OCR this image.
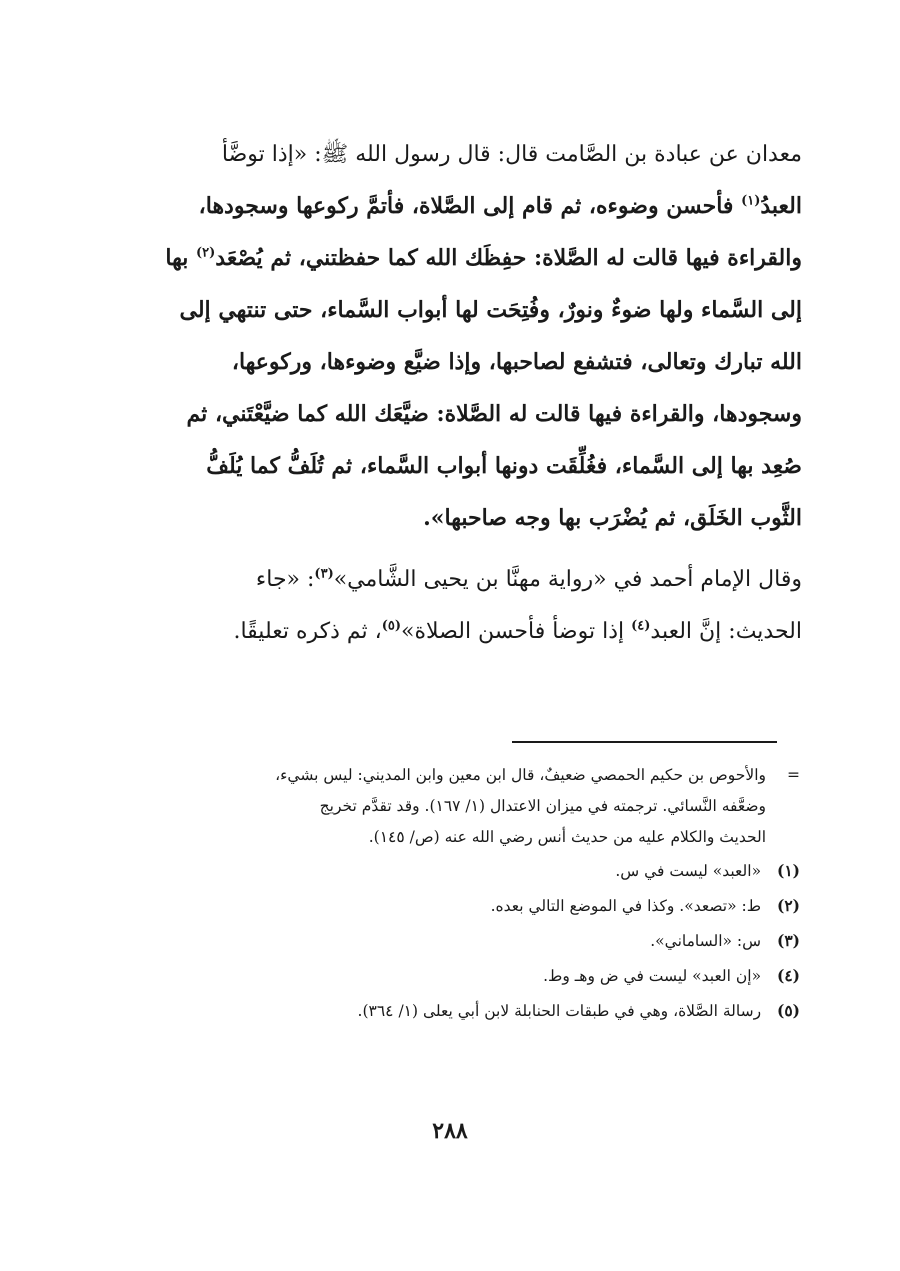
معدان عن عبادة بن الصَّامت قال: قال رسول الله ﷺ: «إذا توضَّأ
العبدُ$^{(١)}$ فأحسن وضوءه، ثم قام إلى الصَّلاة، فأتمَّ ركوعها وسجودها،
والقراءة فيها قالت له الصَّلاة: حفِظَك الله كما حفظتني، ثم يُصْعَد$^{(٢)}$ بها
إلى السَّماء ولها ضوءٌ ونورٌ، وفُتِحَت لها أبواب السَّماء، حتى تنتهي إلى
الله تبارك وتعالى، فتشفع لصاحبها، وإذا ضيَّع وضوءها، وركوعها،
وسجودها، والقراءة فيها قالت له الصَّلاة: ضيَّعَك الله كما ضيَّعْتَني، ثم
صُعِد بها إلى السَّماء، فغُلِّقَت دونها أبواب السَّماء، ثم تُلَفُّ كما يُلَفُّ
الثَّوب الخَلَق، ثم يُضْرَب بها وجه صاحبها».
وقال الإمام أحمد في «رواية مهنَّا بن يحيى الشَّامي»$^{(٣)}$: «جاء
الحديث: إنَّ العبد$^{(٤)}$ إذا توضأ فأحسن الصلاة»$^{(٥)}$، ثم ذكره تعليقًا.
=والأحوص بن حكيم الحمصي ضعيفٌ، قال ابن معين وابن المديني: ليس بشيء،
وضعَّفه النَّسائي. ترجمته في ميزان الاعتدال (١/ ١٦٧). وقد تقدَّم تخريج
الحديث والكلام عليه من حديث أنس رضي الله عنه (ص/ ١٤٥).
(١) «العبد» ليست في س.
(٢) ط: «تصعد». وكذا في الموضع التالي بعده.
(٣) س: «الساماني».
(٤) «إن العبد» ليست في ض وهـ وط.
(٥) رسالة الصَّلاة، وهي في طبقات الحنابلة لابن أبي يعلى (١/ ٣٦٤).
٢٨٨
